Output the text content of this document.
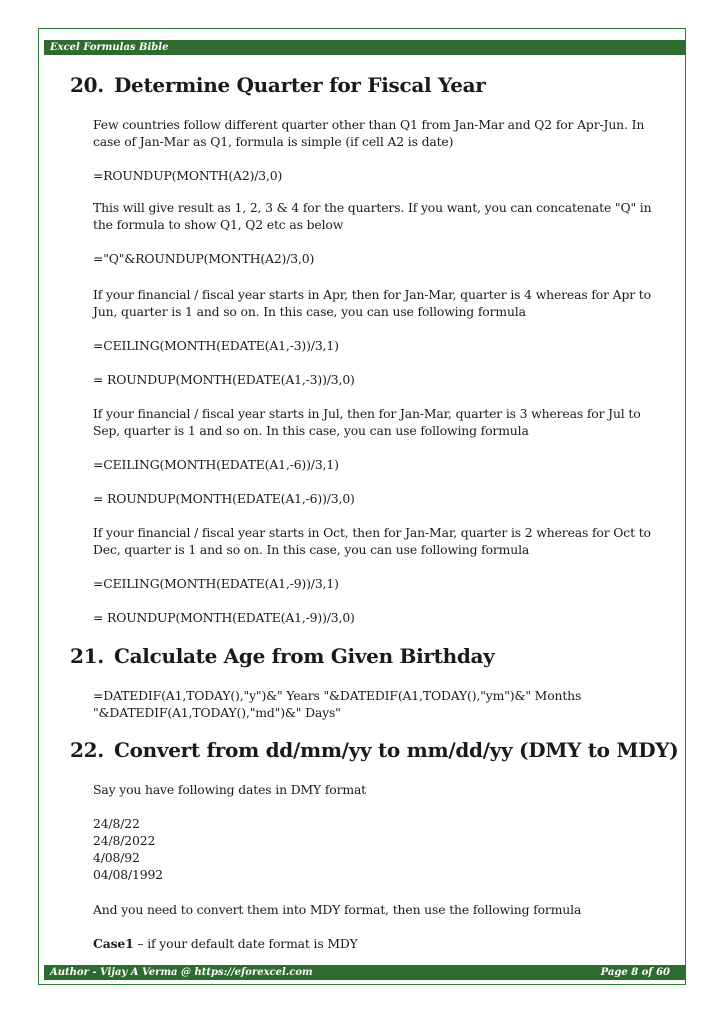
Excel Formulas Bible
20. Determine Quarter for Fiscal Year

Few countries follow different quarter other than Q1 from Jan-Mar and Q2 for Apr-Jun. In case of Jan-Mar as Q1, formula is simple (if cell A2 is date)

=ROUNDUP(MONTH(A2)/3,0)

This will give result as 1, 2, 3 & 4 for the quarters. If you want, you can concatenate "Q" in the formula to show Q1, Q2 etc as below

="Q"&ROUNDUP(MONTH(A2)/3,0)

If your financial / fiscal year starts in Apr, then for Jan-Mar, quarter is 4 whereas for Apr to Jun, quarter is 1 and so on. In this case, you can use following formula

=CEILING(MONTH(EDATE(A1,-3))/3,1)

= ROUNDUP(MONTH(EDATE(A1,-3))/3,0)

If your financial / fiscal year starts in Jul, then for Jan-Mar, quarter is 3 whereas for Jul to Sep, quarter is 1 and so on. In this case, you can use following formula

=CEILING(MONTH(EDATE(A1,-6))/3,1)

= ROUNDUP(MONTH(EDATE(A1,-6))/3,0)

If your financial / fiscal year starts in Oct, then for Jan-Mar, quarter is 2 whereas for Oct to Dec, quarter is 1 and so on. In this case, you can use following formula

=CEILING(MONTH(EDATE(A1,-9))/3,1)

= ROUNDUP(MONTH(EDATE(A1,-9))/3,0)

21. Calculate Age from Given Birthday

=DATEDIF(A1,TODAY(),"y")&" Years "&DATEDIF(A1,TODAY(),"ym")&" Months "&DATEDIF(A1,TODAY(),"md")&" Days"

22. Convert from dd/mm/yy to mm/dd/yy (DMY to MDY)

Say you have following dates in DMY format

24/8/22

24/8/2022

4/08/92

04/08/1992

And you need to convert them into MDY format, then use the following formula

Case1 – if your default date format is MDY

Author - Vijay A Verma @ https://eforexcel.com	Page 8 of 60
